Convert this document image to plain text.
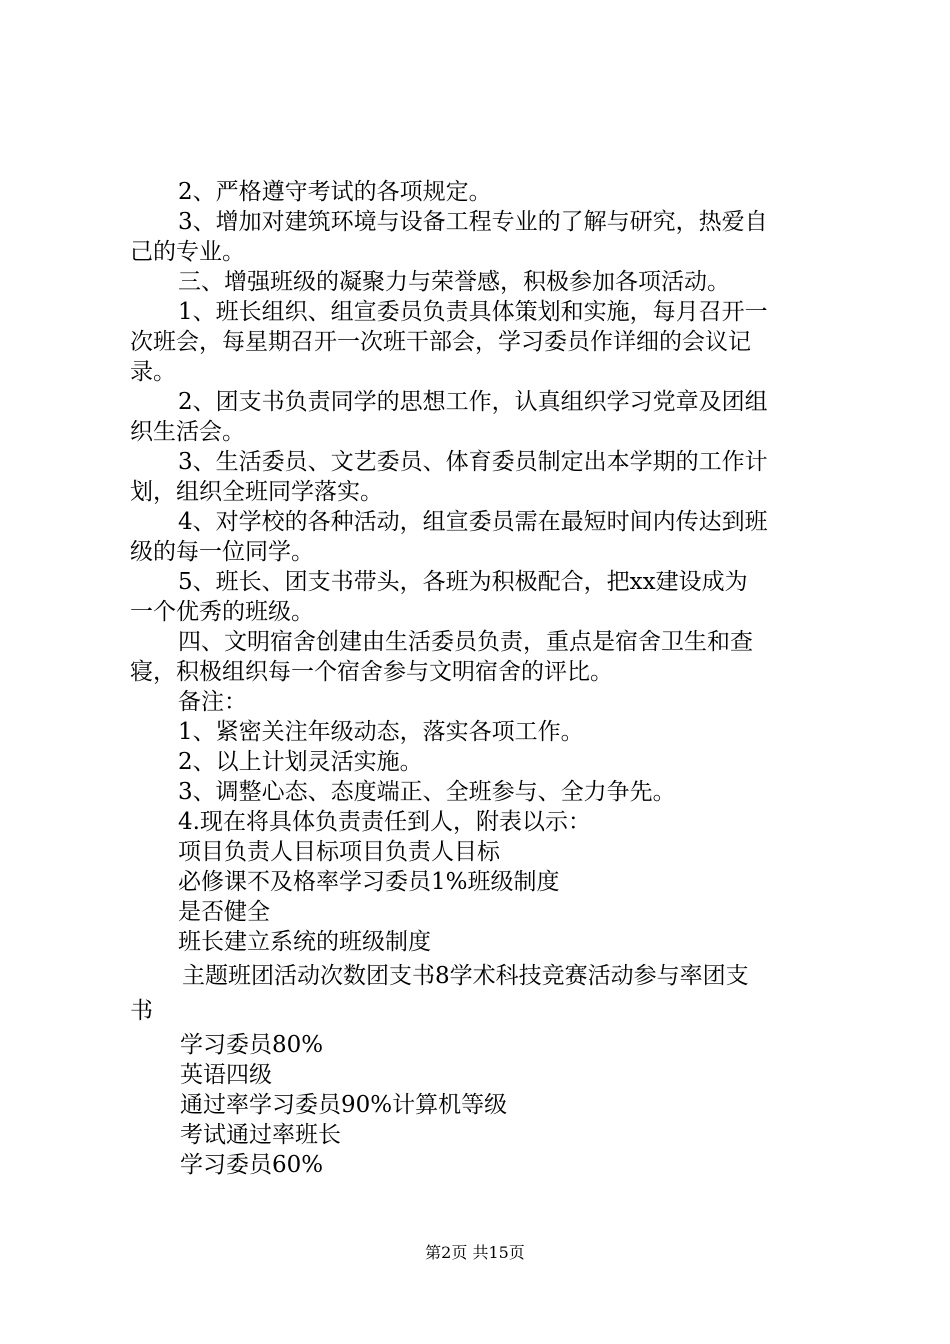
2、严格遵守考试的各项规定。
3、增加对建筑环境与设备工程专业的了解与研究，热爱自
己的专业。
三、增强班级的凝聚力与荣誉感，积极参加各项活动。
1、班长组织、组宣委员负责具体策划和实施，每月召开一
次班会，每星期召开一次班干部会，学习委员作详细的会议记
录。
2、团支书负责同学的思想工作，认真组织学习党章及团组
织生活会。
3、生活委员、文艺委员、体育委员制定出本学期的工作计
划，组织全班同学落实。
4、对学校的各种活动，组宣委员需在最短时间内传达到班
级的每一位同学。
5、班长、团支书带头，各班为积极配合，把xx建设成为
一个优秀的班级。
四、文明宿舍创建由生活委员负责，重点是宿舍卫生和查
寝，积极组织每一个宿舍参与文明宿舍的评比。
备注：
1、紧密关注年级动态，落实各项工作。
2、以上计划灵活实施。
3、调整心态、态度端正、全班参与、全力争先。
4.现在将具体负责责任到人，附表以示：
项目负责人目标项目负责人目标
必修课不及格率学习委员1%班级制度
是否健全
班长建立系统的班级制度
主题班团活动次数团支书8学术科技竞赛活动参与率团支
书
学习委员80%
英语四级
通过率学习委员90%计算机等级
考试通过率班长
学习委员60%
第2页 共15页
